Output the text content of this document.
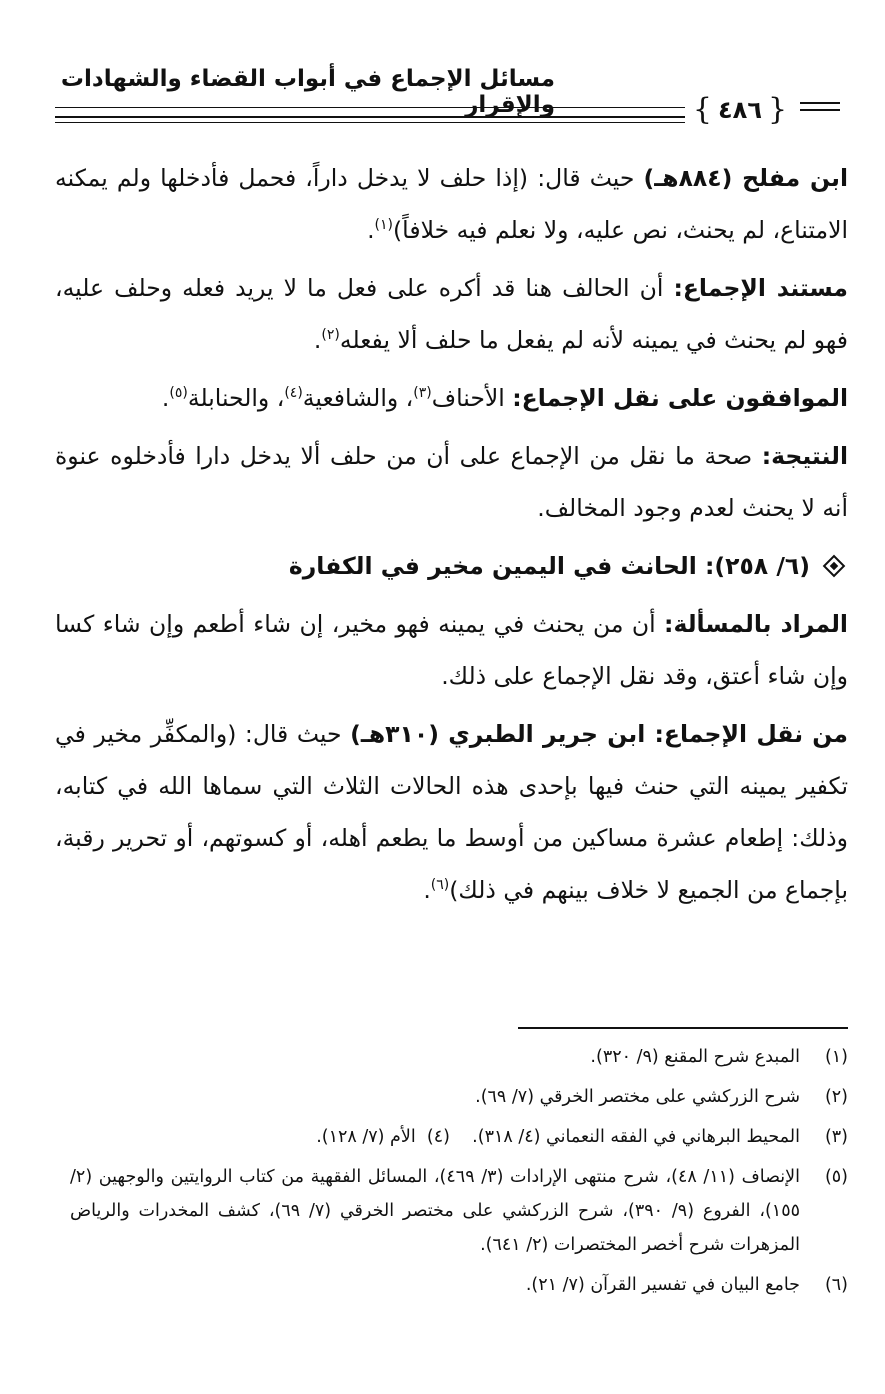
مسائل الإجماع في أبواب القضاء والشهادات والإقرار	{ ٤٨٦ }

ابن مفلح (٨٨٤هـ) حيث قال: (إذا حلف لا يدخل داراً، فحمل فأدخلها ولم يمكنه الامتناع، لم يحنث، نص عليه، ولا نعلم فيه خلافاً)$^{(١)}$.

مستند الإجماع: أن الحالف هنا قد أكره على فعل ما لا يريد فعله وحلف عليه، فهو لم يحنث في يمينه لأنه لم يفعل ما حلف ألا يفعله$^{(٢)}$.

الموافقون على نقل الإجماع: الأحناف$^{(٣)}$، والشافعية$^{(٤)}$، والحنابلة$^{(٥)}$.

النتيجة: صحة ما نقل من الإجماع على أن من حلف ألا يدخل دارا فأدخلوه عنوة أنه لا يحنث لعدم وجود المخالف.

(٦/ ٢٥٨): الحانث في اليمين مخير في الكفارة

المراد بالمسألة: أن من يحنث في يمينه فهو مخير، إن شاء أطعم وإن شاء كسا وإن شاء أعتق، وقد نقل الإجماع على ذلك.

من نقل الإجماع: ابن جرير الطبري (٣١٠هـ) حيث قال: (والمكفِّر مخير في تكفير يمينه التي حنث فيها بإحدى هذه الحالات الثلاث التي سماها الله في كتابه، وذلك: إطعام عشرة مساكين من أوسط ما يطعم أهله، أو كسوتهم، أو تحرير رقبة، بإجماع من الجميع لا خلاف بينهم في ذلك)$^{(٦)}$.

(١)
المبدع شرح المقنع (٩/ ٣٢٠).
(٢)
شرح الزركشي على مختصر الخرقي (٧/ ٦٩).
(٣)
المحيط البرهاني في الفقه النعماني (٤/ ٣١٨).    (٤)  الأم (٧/ ١٢٨).
(٥)
الإنصاف (١١/ ٤٨)، شرح منتهى الإرادات (٣/ ٤٦٩)، المسائل الفقهية من كتاب الروايتين والوجهين (٢/ ١٥٥)، الفروع (٩/ ٣٩٠)، شرح الزركشي على مختصر الخرقي (٧/ ٦٩)، كشف المخدرات والرياض المزهرات شرح أخصر المختصرات (٢/ ٦٤١).
(٦)
جامع البيان في تفسير القرآن (٧/ ٢١).
